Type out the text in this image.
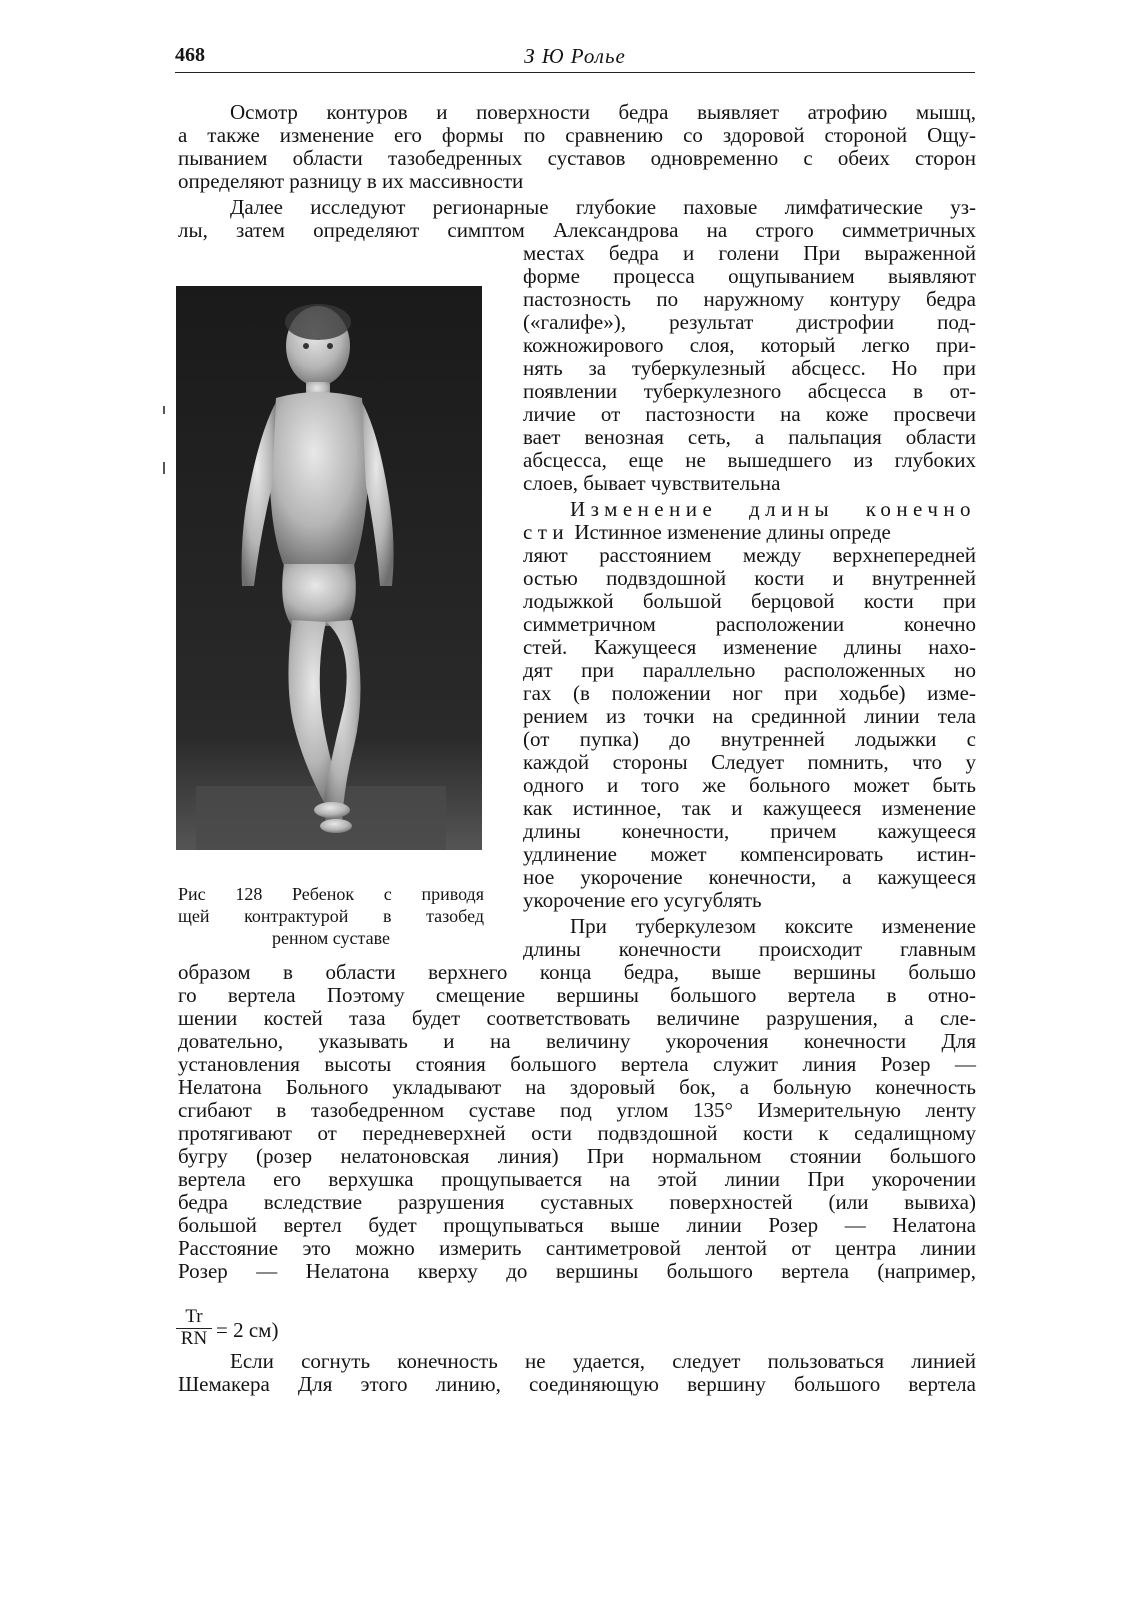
468	З Ю Ролье
Осмотр контуров и поверхности бедра выявляет атрофию мышц,
а также изменение его формы по сравнению со здоровой стороной Ощу-
пыванием области тазобедренных суставов одновременно с обеих сторон
определяют разницу в их массивности
Далее исследуют регионарные глубокие паховые лимфатические уз-
лы, затем определяют симптом Александрова на строго симметричных
местах бедра и голени При выраженной
форме процесса ощупыванием выявляют
пастозность по наружному контуру бедра
(«галифе»), результат дистрофии под-
кожножирового слоя, который легко при-
нять за туберкулезный абсцесс. Но при
появлении туберкулезного абсцесса в от-
личие от пастозности на коже просвечи
вает венозная сеть, а пальпация области
абсцесса, еще не вышедшего из глубоких
слоев, бывает чувствительна
Изменение длины конечно
сти Истинное изменение длины опреде
ляют расстоянием между верхнепередней
остью подвздошной кости и внутренней
лодыжкой большой берцовой кости при
симметричном расположении конечно
стей. Кажущееся изменение длины нахо-
дят при параллельно расположенных но
гах (в положении ног при ходьбе) изме-
рением из точки на срединной линии тела
(от пупка) до внутренней лодыжки с
каждой стороны Следует помнить, что у
одного и того же больного может быть
как истинное, так и кажущееся изменение
длины конечности, причем кажущееся
удлинение может компенсировать истин-
ное укорочение конечности, а кажущееся
укорочение его усугублять
При туберкулезом коксите изменение
длины конечности происходит главным
образом в области верхнего конца бедра, выше вершины большо
го вертела Поэтому смещение вершины большого вертела в отно-
шении костей таза будет соответствовать величине разрушения, а сле-
довательно, указывать и на величину укорочения конечности Для
установления высоты стояния большого вертела служит линия Розер —
Нелатона Больного укладывают на здоровый бок, а больную конечность
сгибают в тазобедренном суставе под углом 135° Измерительную ленту
протягивают от передневерхней ости подвздошной кости к седалищному
бугру (розер нелатоновская линия) При нормальном стоянии большого
вертела его верхушка прощупывается на этой линии При укорочении
бедра вследствие разрушения суставных поверхностей (или вывиха)
большой вертел будет прощупываться выше линии Розер — Нелатона
Расстояние это можно измерить сантиметровой лентой от центра линии
Розер — Нелатона кверху до вершины большого вертела (например,
$\frac{Tr}{RN} = 2$ см)
Если согнуть конечность не удается, следует пользоваться линией
Шемакера Для этого линию, соединяющую вершину большого вертела
Рис 128 Ребенок с приводя
щей контрактурой в тазобед
ренном суставе
